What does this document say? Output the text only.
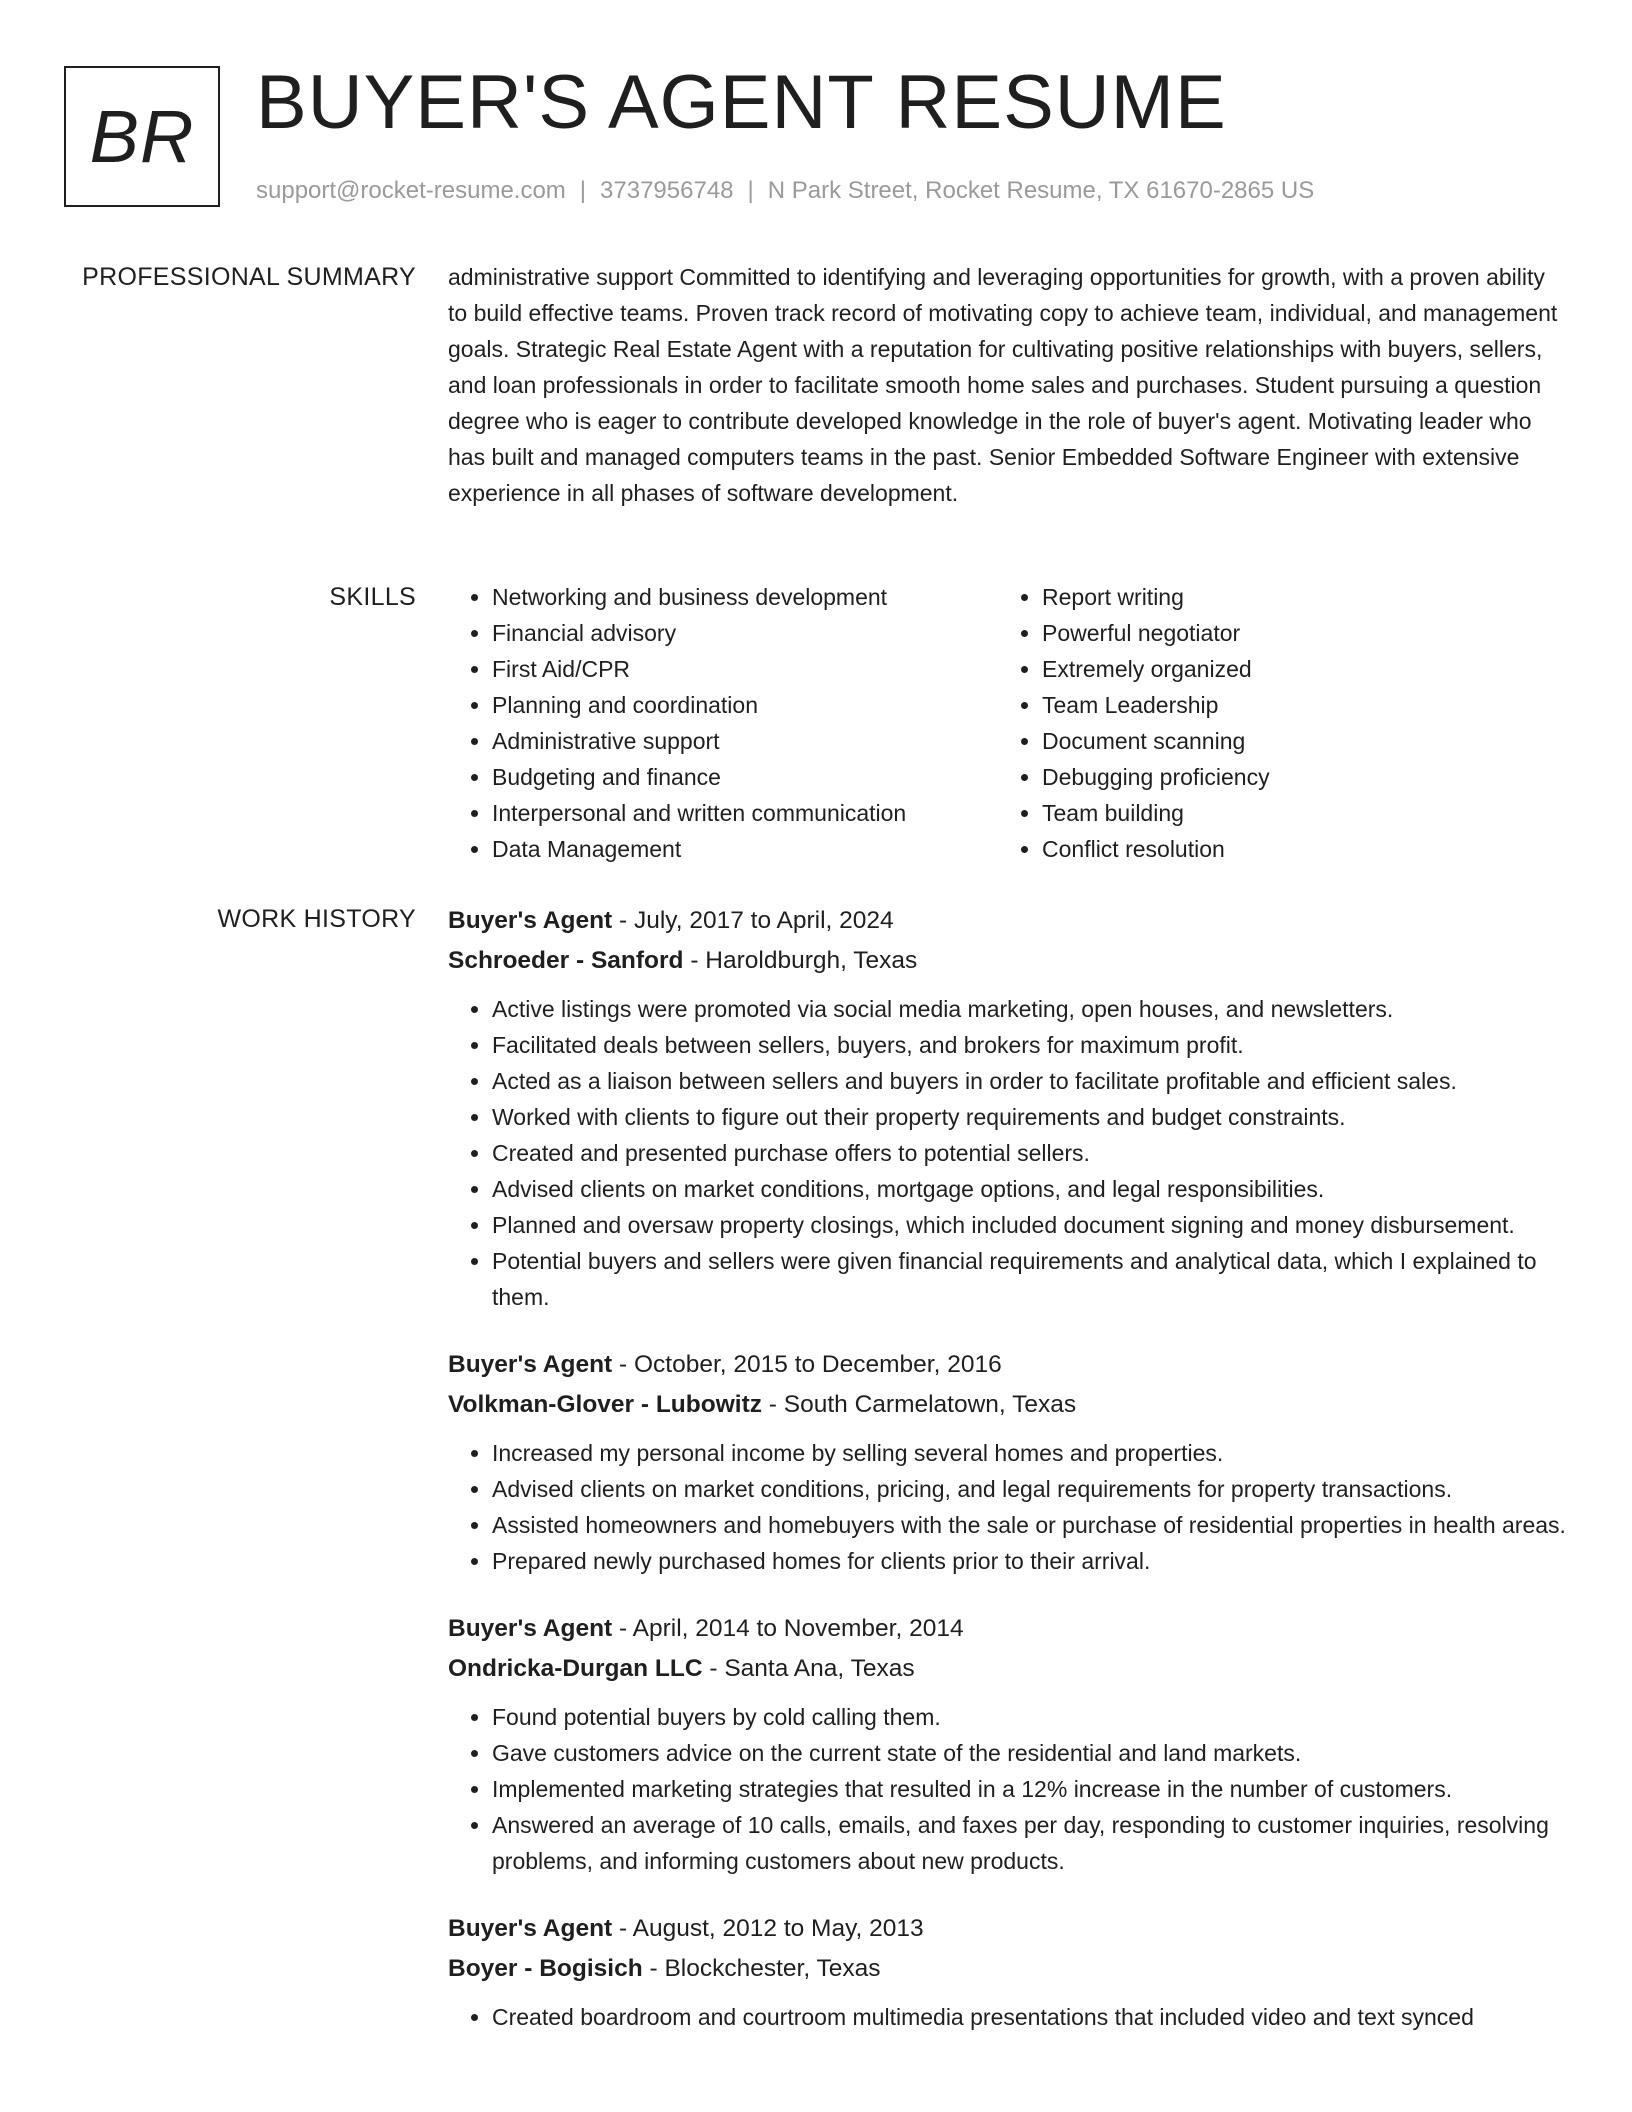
BR BUYER'S AGENT RESUME
support@rocket-resume.com | 3737956748 | N Park Street, Rocket Resume, TX 61670-2865 US
PROFESSIONAL SUMMARY administrative support Committed to identifying and leveraging opportunities for growth, with a proven ability to build effective teams. Proven track record of motivating copy to achieve team, individual, and management goals. Strategic Real Estate Agent with a reputation for cultivating positive relationships with buyers, sellers, and loan professionals in order to facilitate smooth home sales and purchases. Student pursuing a question degree who is eager to contribute developed knowledge in the role of buyer's agent. Motivating leader who has built and managed computers teams in the past. Senior Embedded Software Engineer with extensive experience in all phases of software development.

SKILLS
•	Networking and business development
• Financial advisory
• First Aid/CPR
• Planning and coordination
• Administrative support
• Budgeting and finance
• Interpersonal and written communication
• Data Management
• Report writing
• Powerful negotiator
• Extremely organized
• Team Leadership
• Document scanning
• Debugging proficiency
• Team building
• Conflict resolution
WORK HISTORY Buyer's Agent - July, 2017 to April, 2024
Schroeder - Sanford - Haroldburgh, Texas
• Active listings were promoted via social media marketing, open houses, and newsletters.
• Facilitated deals between sellers, buyers, and brokers for maximum profit.
• Acted as a liaison between sellers and buyers in order to facilitate profitable and efficient sales.
• Worked with clients to figure out their property requirements and budget constraints.
• Created and presented purchase offers to potential sellers.
• Advised clients on market conditions, mortgage options, and legal responsibilities.
• Planned and oversaw property closings, which included document signing and money disbursement.
• Potential buyers and sellers were given financial requirements and analytical data, which I explained to them.
Buyer's Agent - October, 2015 to December, 2016
Volkman-Glover - Lubowitz - South Carmelatown, Texas
• Increased my personal income by selling several homes and properties.
• Advised clients on market conditions, pricing, and legal requirements for property transactions.
• Assisted homeowners and homebuyers with the sale or purchase of residential properties in health areas.
• Prepared newly purchased homes for clients prior to their arrival.
Buyer's Agent - April, 2014 to November, 2014
Ondricka-Durgan LLC - Santa Ana, Texas
• Found potential buyers by cold calling them.
• Gave customers advice on the current state of the residential and land markets.
• Implemented marketing strategies that resulted in a 12% increase in the number of customers.
• Answered an average of 10 calls, emails, and faxes per day, responding to customer inquiries, resolving problems, and informing customers about new products.
Buyer's Agent - August, 2012 to May, 2013
Boyer - Bogisich - Blockchester, Texas
• Created boardroom and courtroom multimedia presentations that included video and text synced
